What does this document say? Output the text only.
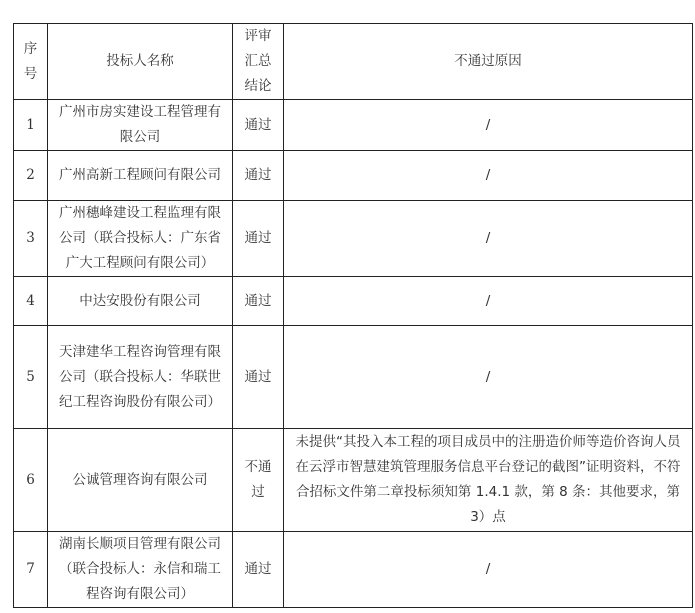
序号	投标人名称	评审汇总结论	不通过原因
1	广州市房实建设工程管理有限公司	通过	/
2	广州高新工程顾问有限公司	通过	/
3	广州穗峰建设工程监理有限公司（联合投标人：广东省广大工程顾问有限公司）	通过	/
4	中达安股份有限公司	通过	/
5	天津建华工程咨询管理有限公司（联合投标人：华联世纪工程咨询股份有限公司）	通过	/
6	公诚管理咨询有限公司	不通过	未提供“其投入本工程的项目成员中的注册造价师等造价咨询人员在云浮市智慧建筑管理服务信息平台登记的截图”证明资料，不符合招标文件第二章投标须知第 1.4.1 款，第 8 条：其他要求，第 3）点
7	湖南长顺项目管理有限公司（联合投标人：永信和瑞工程咨询有限公司）	通过	/
